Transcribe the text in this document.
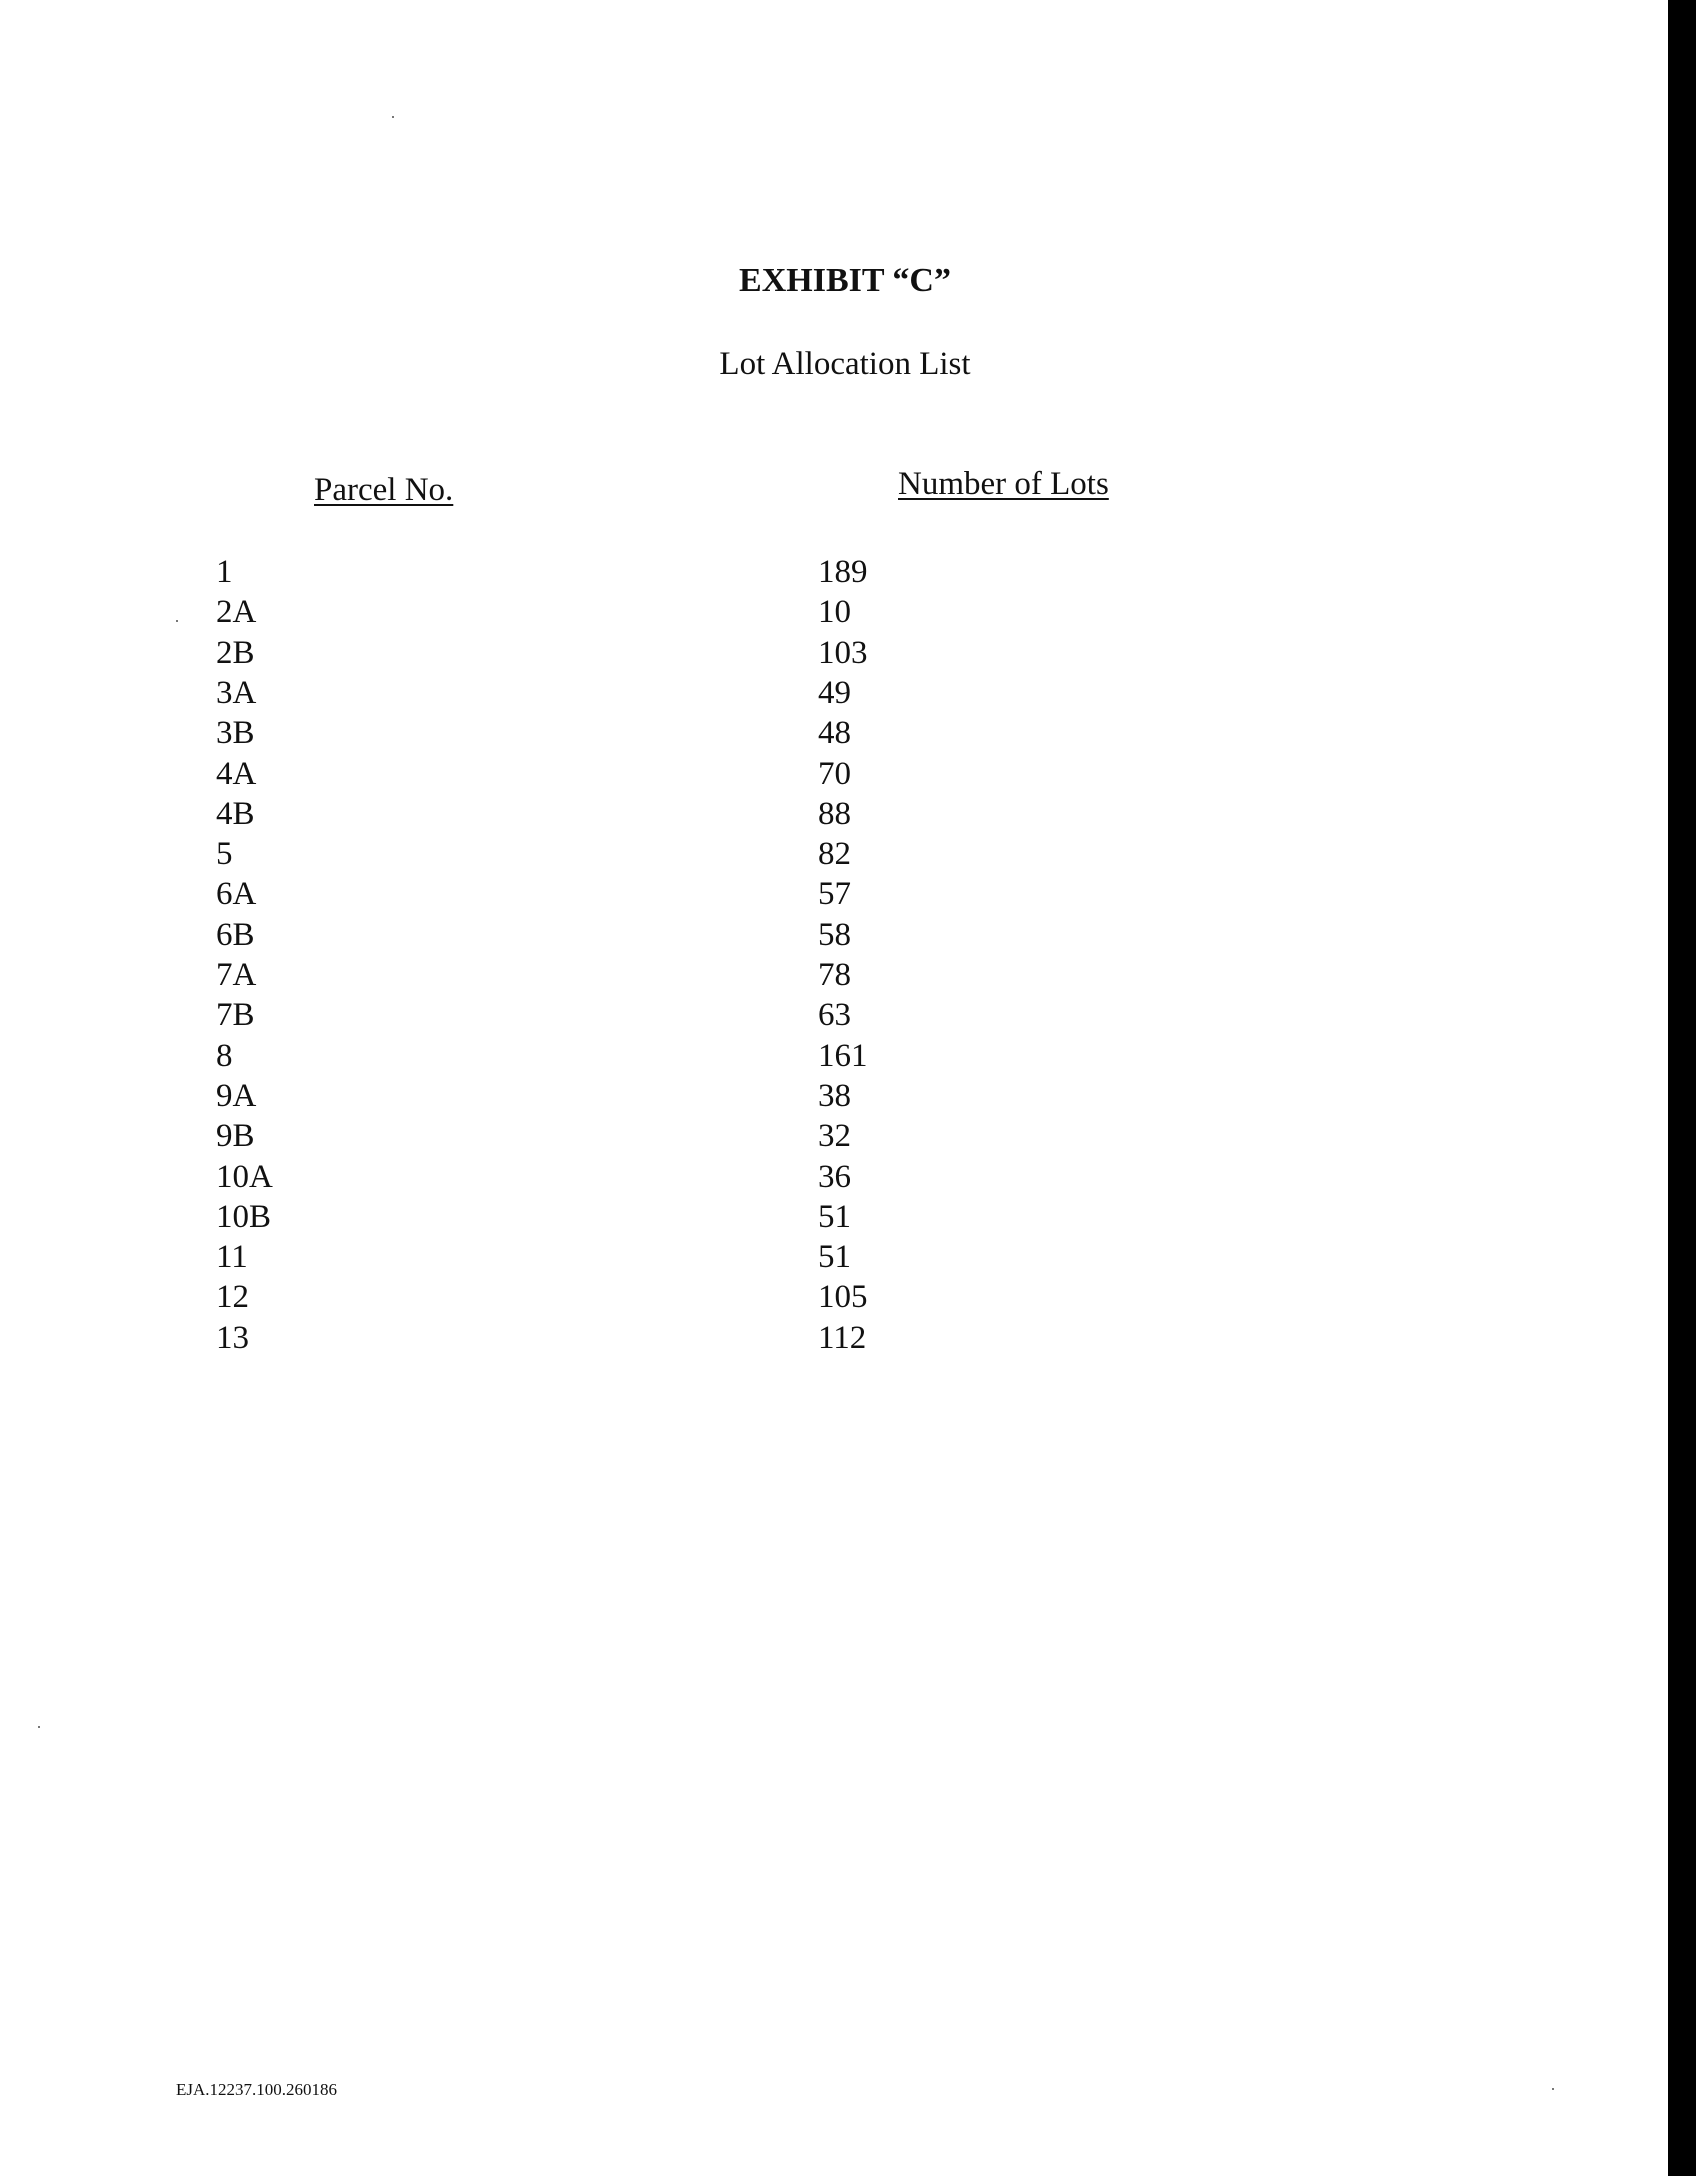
EXHIBIT “C”
Lot Allocation List
Parcel No.	Number of Lots
1	189
2A	10
2B	103
3A	49
3B	48
4A	70
4B	88
5	82
6A	57
6B	58
7A	78
7B	63
8	161
9A	38
9B	32
10A	36
10B	51
11	51
12	105
13	112
EJA.12237.100.260186
